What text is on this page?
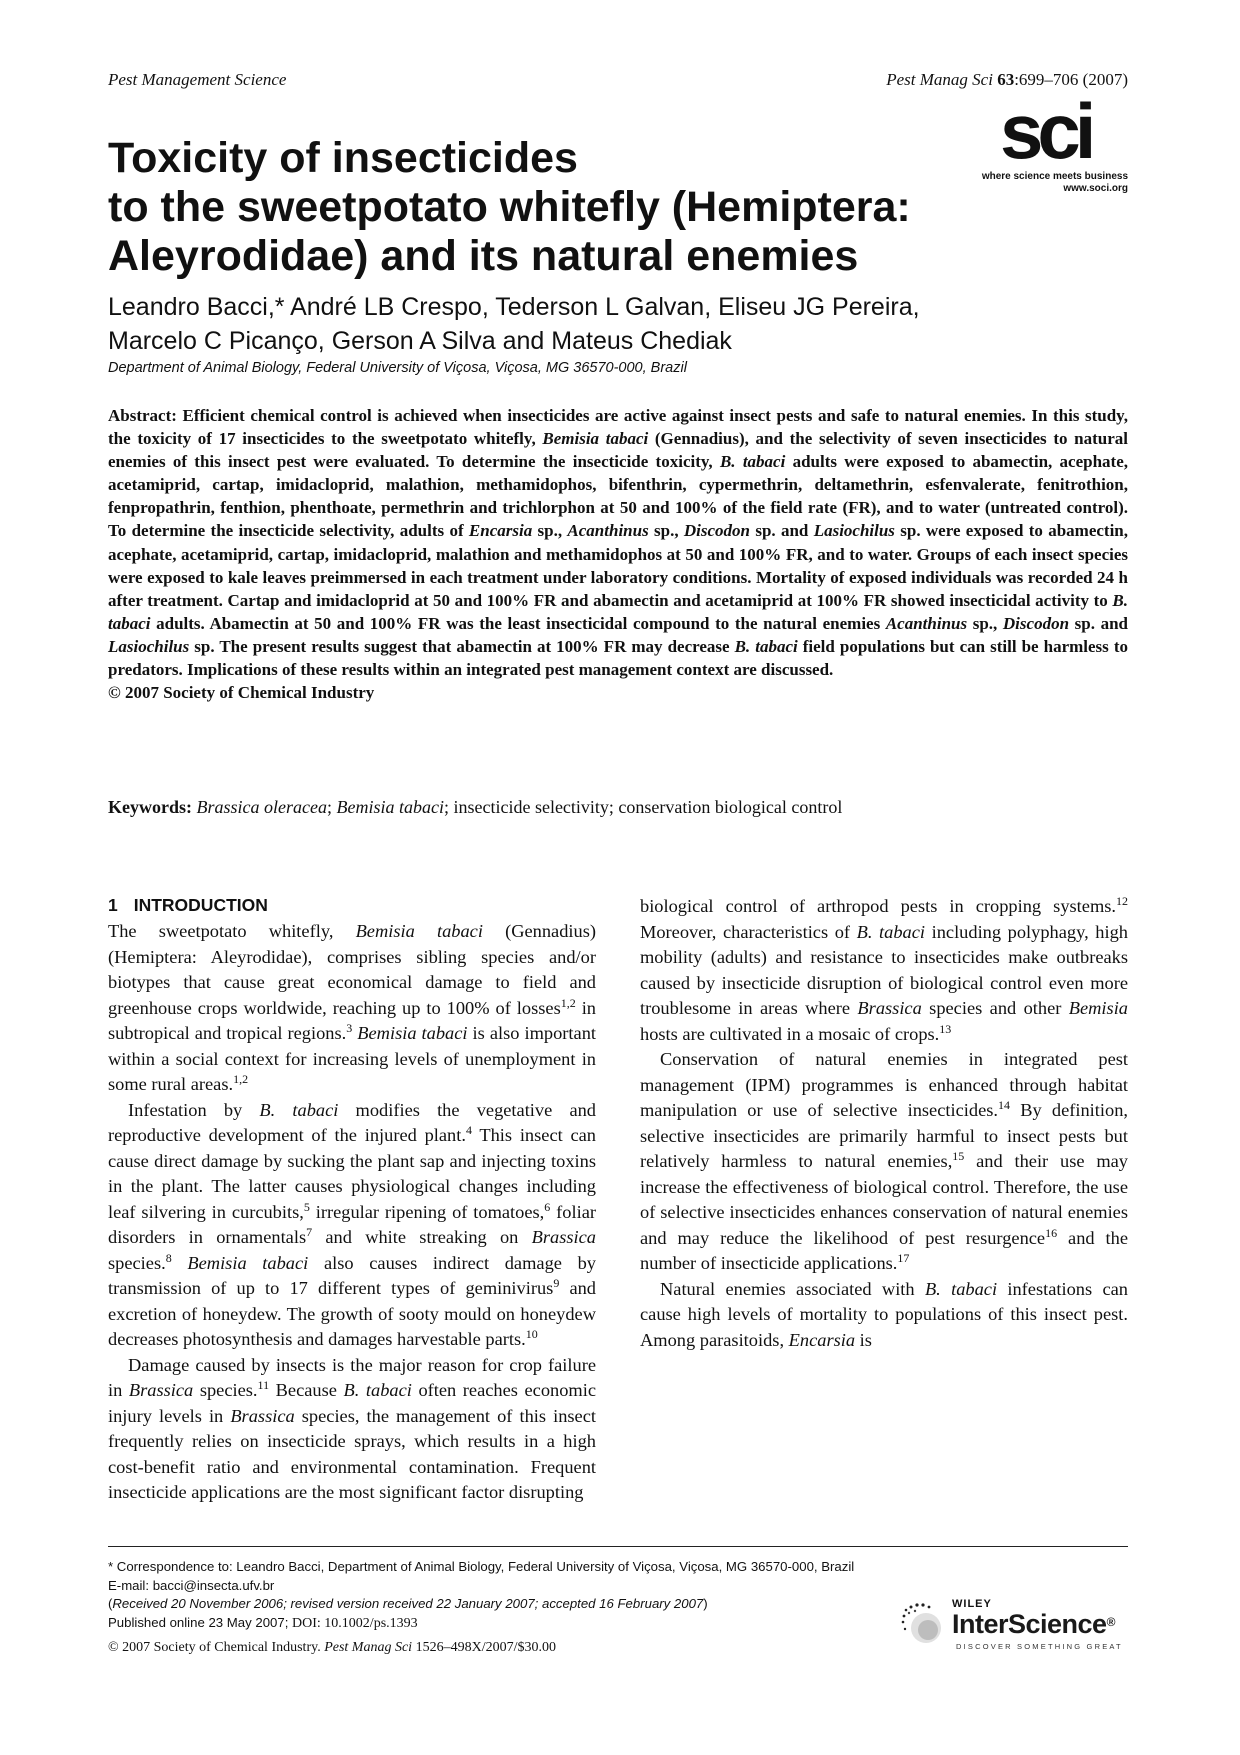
Pest Management Science	Pest Manag Sci 63:699–706 (2007)
sci
where science meets business
www.soci.org
Toxicity of insecticides
to the sweetpotato whitefly (Hemiptera:
Aleyrodidae) and its natural enemies
Leandro Bacci,* André LB Crespo, Tederson L Galvan, Eliseu JG Pereira,
Marcelo C Picanço, Gerson A Silva and Mateus Chediak
Department of Animal Biology, Federal University of Viçosa, Viçosa, MG 36570-000, Brazil

Abstract: Efficient chemical control is achieved when insecticides are active against insect pests and safe to natural enemies. In this study, the toxicity of 17 insecticides to the sweetpotato whitefly, Bemisia tabaci (Gennadius), and the selectivity of seven insecticides to natural enemies of this insect pest were evaluated. To determine the insecticide toxicity, B. tabaci adults were exposed to abamectin, acephate, acetamiprid, cartap, imidacloprid, malathion, methamidophos, bifenthrin, cypermethrin, deltamethrin, esfenvalerate, fenitrothion, fenpropathrin, fenthion, phenthoate, permethrin and trichlorphon at 50 and 100% of the field rate (FR), and to water (untreated control). To determine the insecticide selectivity, adults of Encarsia sp., Acanthinus sp., Discodon sp. and Lasiochilus sp. were exposed to abamectin, acephate, acetamiprid, cartap, imidacloprid, malathion and methamidophos at 50 and 100% FR, and to water. Groups of each insect species were exposed to kale leaves preimmersed in each treatment under laboratory conditions. Mortality of exposed individuals was recorded 24 h after treatment. Cartap and imidacloprid at 50 and 100% FR and abamectin and acetamiprid at 100% FR showed insecticidal activity to B. tabaci adults. Abamectin at 50 and 100% FR was the least insecticidal compound to the natural enemies Acanthinus sp., Discodon sp. and Lasiochilus sp. The present results suggest that abamectin at 100% FR may decrease B. tabaci field populations but can still be harmless to predators. Implications of these results within an integrated pest management context are discussed.

© 2007 Society of Chemical Industry

Keywords: Brassica oleracea; Bemisia tabaci; insecticide selectivity; conservation biological control
1 INTRODUCTION

The sweetpotato whitefly, Bemisia tabaci (Gennadius) (Hemiptera: Aleyrodidae), comprises sibling species and/or biotypes that cause great economical damage to field and greenhouse crops worldwide, reaching up to 100% of losses$^{1,2}$ in subtropical and tropical regions.$^3$ Bemisia tabaci is also important within a social context for increasing levels of unemployment in some rural areas.$^{1,2}$

Infestation by B. tabaci modifies the vegetative and reproductive development of the injured plant.$^4$ This insect can cause direct damage by sucking the plant sap and injecting toxins in the plant. The latter causes physiological changes including leaf silvering in curcubits,$^5$ irregular ripening of tomatoes,$^6$ foliar disorders in ornamentals$^7$ and white streaking on Brassica species.$^8$ Bemisia tabaci also causes indirect damage by transmission of up to 17 different types of geminivirus$^9$ and excretion of honeydew. The growth of sooty mould on honeydew decreases photosynthesis and damages harvestable parts.$^{10}$

Damage caused by insects is the major reason for crop failure in Brassica species.$^{11}$ Because B. tabaci often reaches economic injury levels in Brassica species, the management of this insect frequently relies on insecticide sprays, which results in a high cost-benefit ratio and environmental contamination. Frequent insecticide applications are the most significant factor disrupting

biological control of arthropod pests in cropping systems.$^{12}$ Moreover, characteristics of B. tabaci including polyphagy, high mobility (adults) and resistance to insecticides make outbreaks caused by insecticide disruption of biological control even more troublesome in areas where Brassica species and other Bemisia hosts are cultivated in a mosaic of crops.$^{13}$

Conservation of natural enemies in integrated pest management (IPM) programmes is enhanced through habitat manipulation or use of selective insecticides.$^{14}$ By definition, selective insecticides are primarily harmful to insect pests but relatively harmless to natural enemies,$^{15}$ and their use may increase the effectiveness of biological control. Therefore, the use of selective insecticides enhances conservation of natural enemies and may reduce the likelihood of pest resurgence$^{16}$ and the number of insecticide applications.$^{17}$

Natural enemies associated with B. tabaci infestations can cause high levels of mortality to populations of this insect pest. Among parasitoids, Encarsia is

* Correspondence to: Leandro Bacci, Department of Animal Biology, Federal University of Viçosa, Viçosa, MG 36570-000, Brazil
E-mail: bacci@insecta.ufv.br
(Received 20 November 2006; revised version received 22 January 2007; accepted 16 February 2007)
Published online 23 May 2007; DOI: 10.1002/ps.1393
© 2007 Society of Chemical Industry. Pest Manag Sci 1526–498X/2007/$30.00
WILEY
InterScience®
DISCOVER SOMETHING GREAT
